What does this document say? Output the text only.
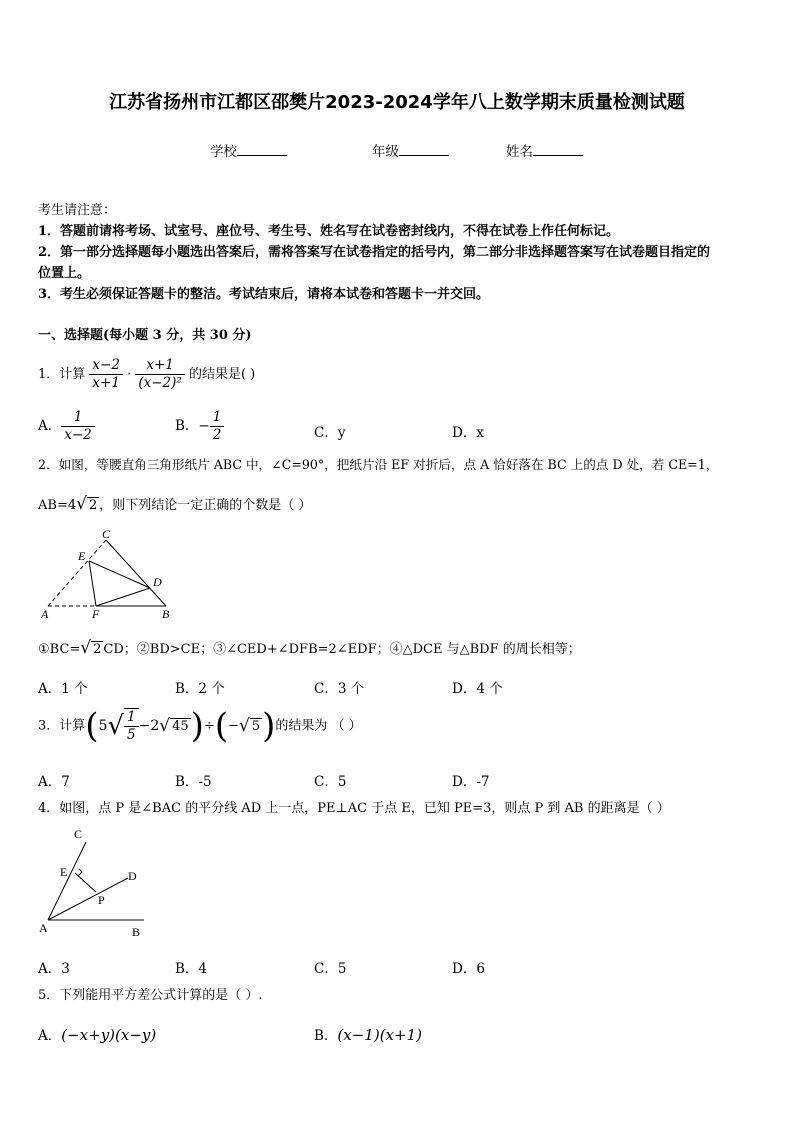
江苏省扬州市江都区邵樊片2023-2024学年八上数学期末质量检测试题
学校	年级	姓名
考生请注意：
1．答题前请将考场、试室号、座位号、考生号、姓名写在试卷密封线内，不得在试卷上作任何标记。
2．第一部分选择题每小题选出答案后，需将答案写在试卷指定的括号内，第二部分非选择题答案写在试卷题目指定的
位置上。
3．考生必须保证答题卡的整洁。考试结束后，请将本试卷和答题卡一并交回。
一、选择题(每小题 3 分，共 30 分)
1．计算 $\frac{x-2}{x+1} \cdot \frac{x+1}{\text{(x−2)²}}$ 的结果是( )
A． $\frac{1}{x-2}$	B．− $\frac{1}{2}$	C．y	D．x
2．如图，等腰直角三角形纸片 ABC 中，∠C=90°，把纸片沿 EF 对折后，点 A 恰好落在 BC 上的点 D 处，若 CE=1，
AB=4√ 2 ，则下列结论一定正确的个数是（ ）
C
E
D
A	F	B
①BC=√ 2 CD；②BD>CE；③∠CED+∠DFB=2∠EDF；④△DCE 与△BDF 的周长相等；
A．1 个	B．2 个	C．3 个	D．4 个
3．计算($5√ \frac{1}{5} -2√$ 45)÷(−√ 5)的结果为 （ ）
A．7	B．-5	C．5	D．-7
4．如图，点 P 是∠BAC 的平分线 AD 上一点，PE⊥AC 于点 E，已知 PE=3，则点 P 到 AB 的距离是（ ）
C
E	D
P
A	B
A．3	B．4	C．5	D．6
5．下列能用平方差公式计算的是（ ）.
A．(−x+y)(x−y)	B．(x−1)(x+1)
